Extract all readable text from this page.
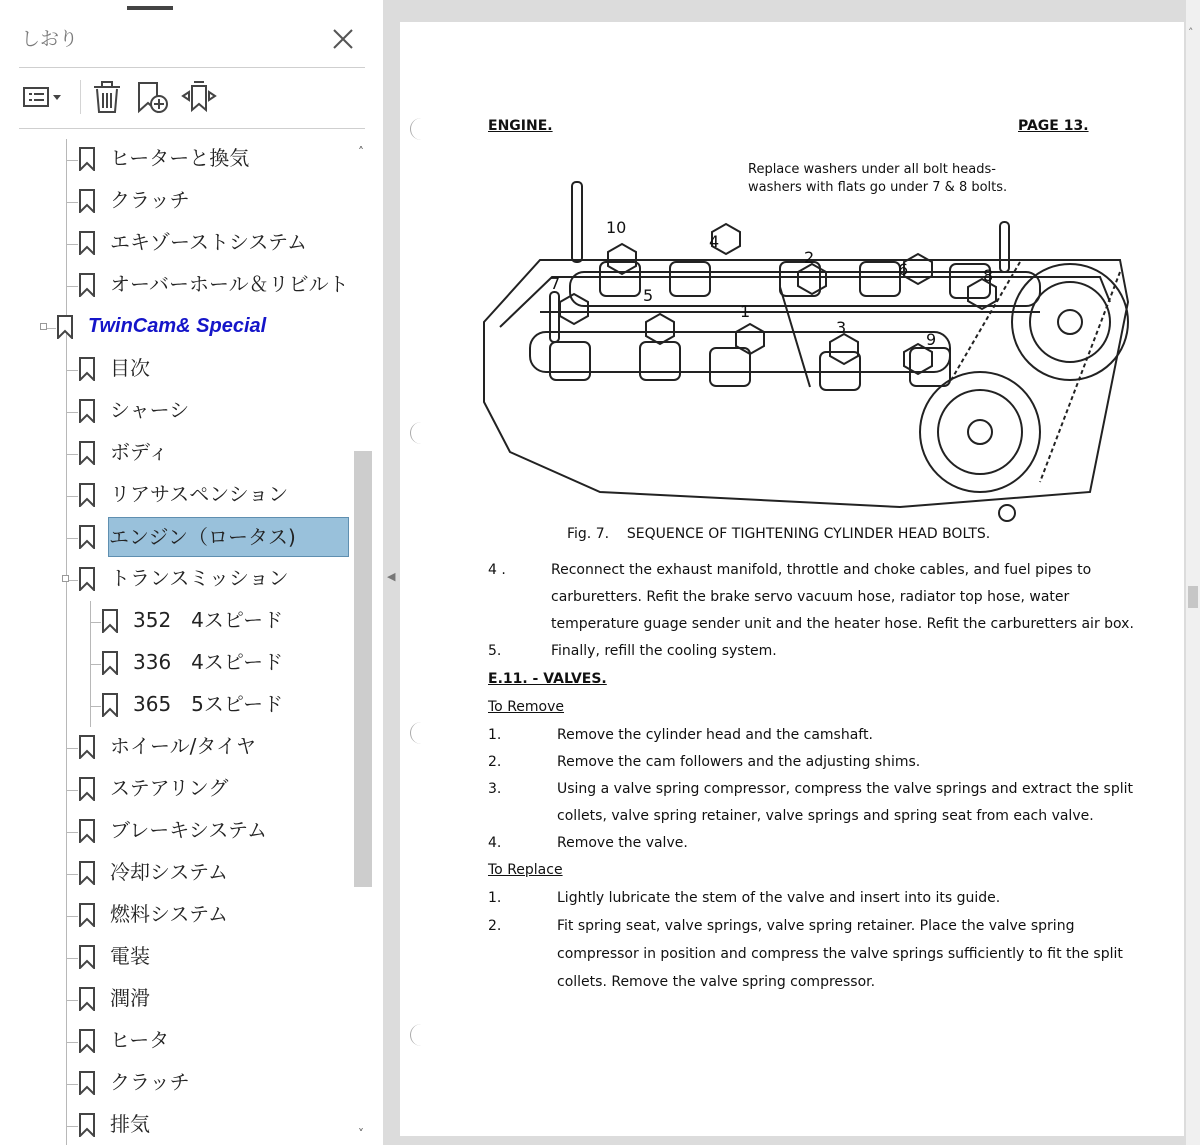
しおり
ヒーターと換気
クラッチ
エキゾーストシステム
オーバーホール＆リビルト
TwinCam& Special
目次
シャーシ
ボディ
リアサスペンション
エンジン（ロータス)
トランスミッション
352　4スピード
336　4スピード
365　5スピード
ホイール/タイヤ
ステアリング
ブレーキシステム
冷却システム
燃料システム
電装
潤滑
ヒータ
クラッチ
排気
˄
˅
◀
˄
ENGINE.	PAGE 13.
Replace washers under all bolt heads-
washers with flats go under 7 & 8 bolts.
10
4
2
6	8
7
5
1
3
9
Fig. 7.    SEQUENCE OF TIGHTENING CYLINDER HEAD BOLTS.
4 .	Reconnect the exhaust manifold, throttle and choke cables, and fuel pipes to
carburetters. Refit the brake servo vacuum hose, radiator top hose, water
temperature guage sender unit and the heater hose. Refit the carburetters air box.
5.	Finally, refill the cooling system.
E.11. - VALVES.
To Remove
To Replace
1.	Remove the cylinder head and the camshaft.
2.	Remove the cam followers and the adjusting shims.
3.	Using a valve spring compressor, compress the valve springs and extract the split
collets, valve spring retainer, valve springs and spring seat from each valve.
4.	Remove the valve.
1.	Lightly lubricate the stem of the valve and insert into its guide.
2.	Fit spring seat, valve springs, valve spring retainer. Place the valve spring
compressor in position and compress the valve springs sufficiently to fit the split
collets. Remove the valve spring compressor.
